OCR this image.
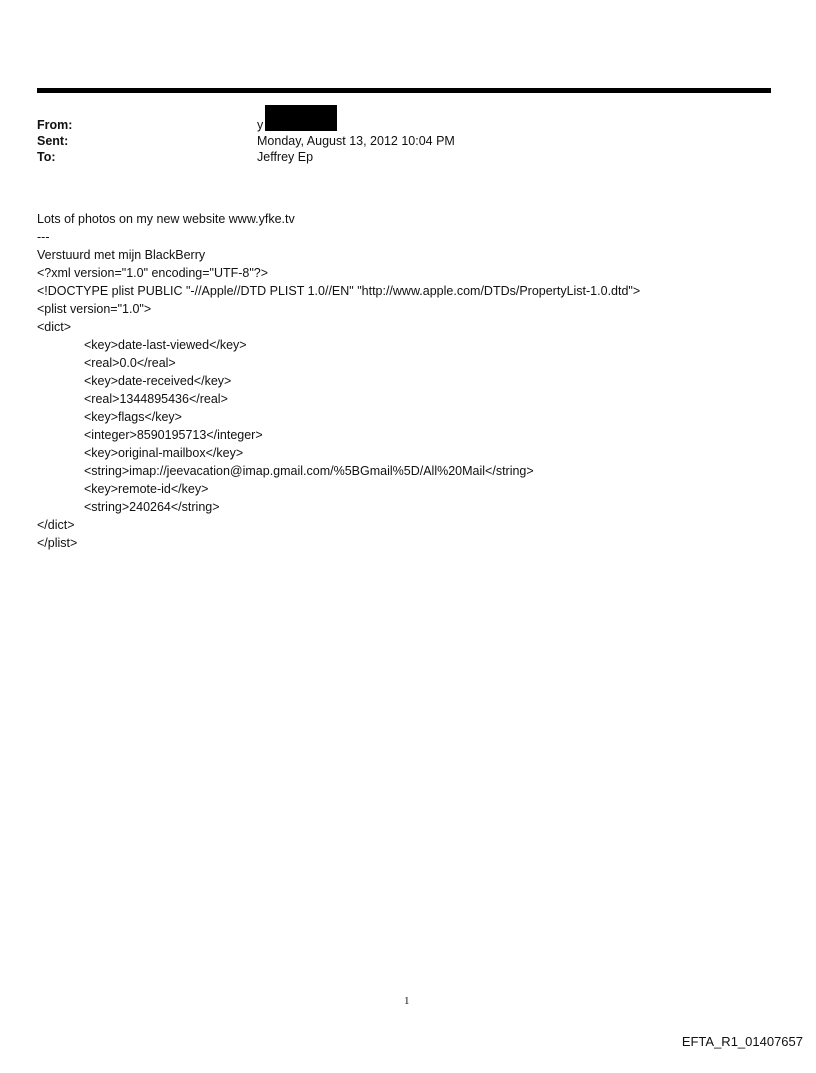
From:	y
Sent:	Monday, August 13, 2012 10:04 PM
To:	Jeffrey Ep
Lots of photos on my new website www.yfke.tv
---
Verstuurd met mijn BlackBerry
<?xml version="1.0" encoding="UTF-8"?>
<!DOCTYPE plist PUBLIC "-//Apple//DTD PLIST 1.0//EN" "http://www.apple.com/DTDs/PropertyList-1.0.dtd">
<plist version="1.0">
<dict>
<key>date-last-viewed</key>
<real>0.0</real>
<key>date-received</key>
<real>1344895436</real>
<key>flags</key>
<integer>8590195713</integer>
<key>original-mailbox</key>
<string>imap://jeevacation@imap.gmail.com/%5BGmail%5D/All%20Mail</string>
<key>remote-id</key>
<string>240264</string>
</dict>
</plist>
1
EFTA_R1_01407657
